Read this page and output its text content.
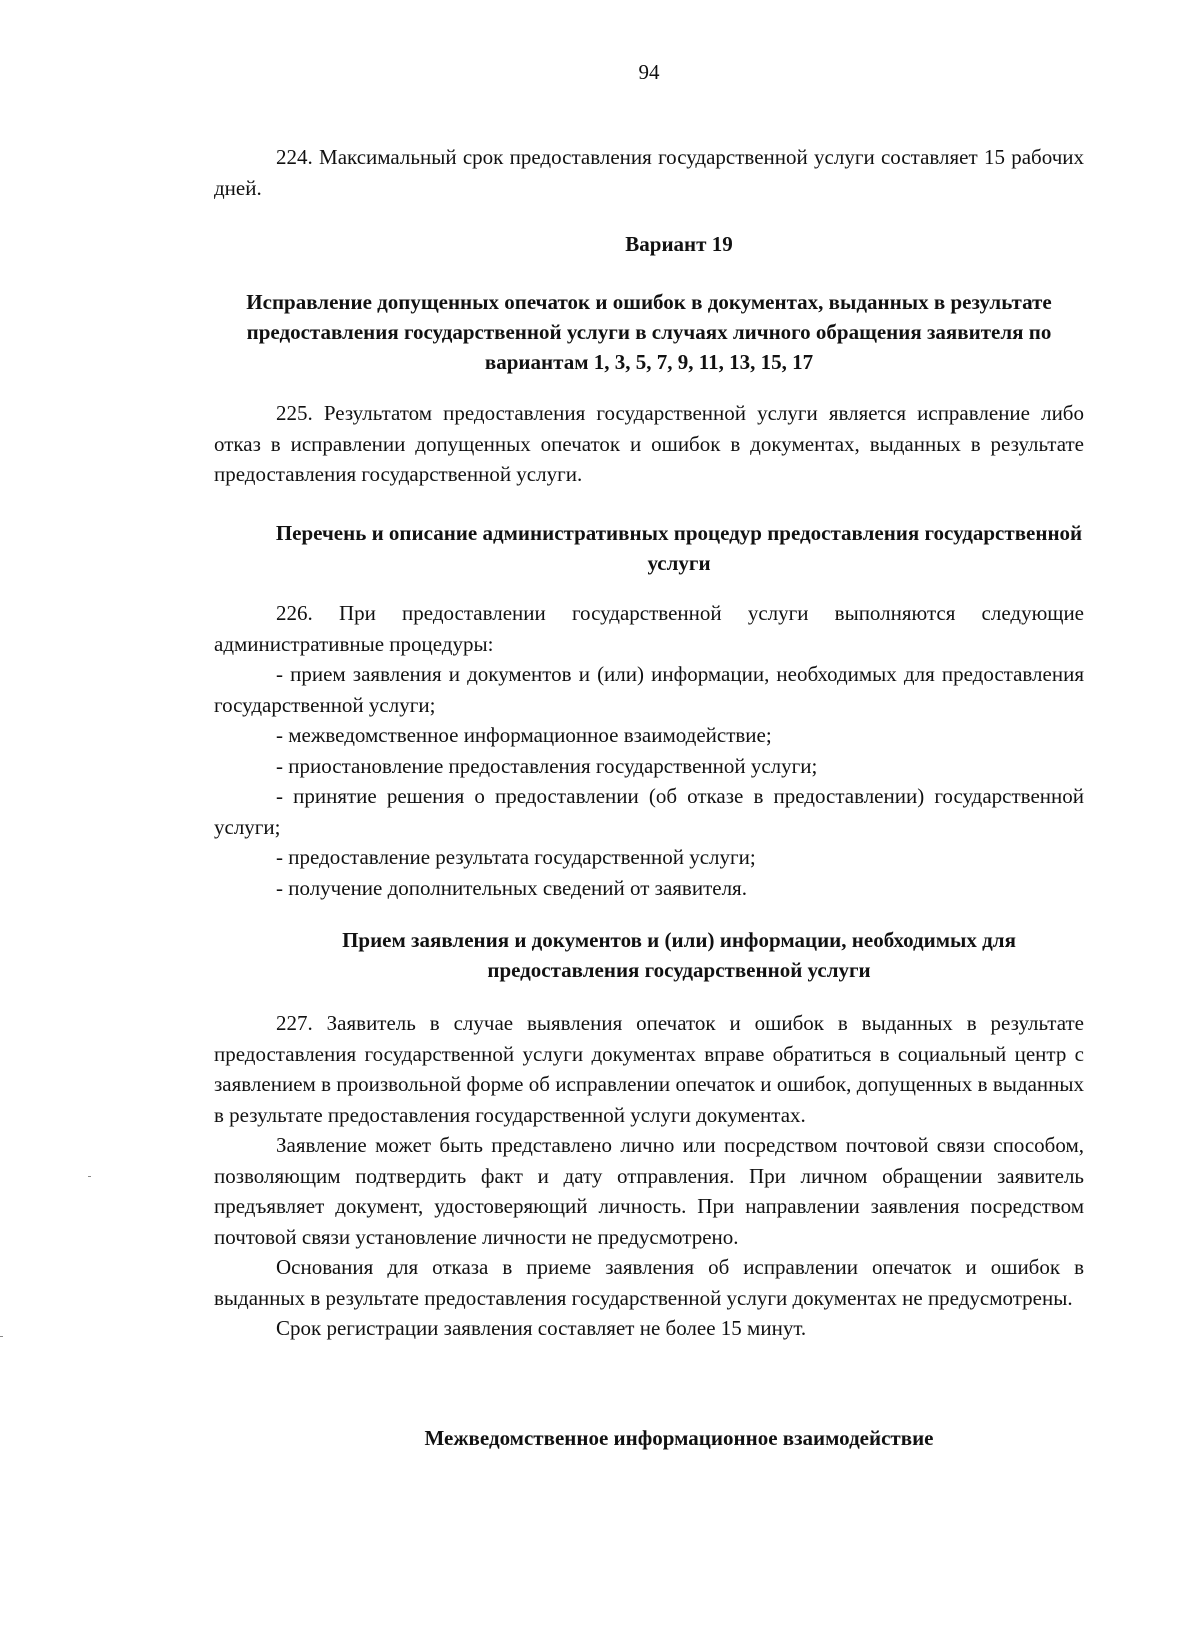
94

224. Максимальный срок предоставления государственной услуги составляет 15 рабочих дней.

Вариант 19
Исправление допущенных опечаток и ошибок в документах, выданных в результате предоставления государственной услуги в случаях личного обращения заявителя по вариантам 1, 3, 5, 7, 9, 11, 13, 15, 17

225. Результатом предоставления государственной услуги является исправление либо отказ в исправлении допущенных опечаток и ошибок в документах, выданных в результате предоставления государственной услуги.

Перечень и описание административных процедур предоставления государственной услуги

226. При предоставлении государственной услуги выполняются следующие административные процедуры:

- прием заявления и документов и (или) информации, необходимых для предоставления государственной услуги;

- межведомственное информационное взаимодействие;

- приостановление предоставления государственной услуги;

- принятие решения о предоставлении (об отказе в предоставлении) государственной услуги;

- предоставление результата государственной услуги;

- получение дополнительных сведений от заявителя.

Прием заявления и документов и (или) информации, необходимых для предоставления государственной услуги

227. Заявитель в случае выявления опечаток и ошибок в выданных в результате предоставления государственной услуги документах вправе обратиться в социальный центр с заявлением в произвольной форме об исправлении опечаток и ошибок, допущенных в выданных в результате предоставления государственной услуги документах.

Заявление может быть представлено лично или посредством почтовой связи способом, позволяющим подтвердить факт и дату отправления. При личном обращении заявитель предъявляет документ, удостоверяющий личность. При направлении заявления посредством почтовой связи установление личности не предусмотрено.

Основания для отказа в приеме заявления об исправлении опечаток и ошибок в выданных в результате предоставления государственной услуги документах не предусмотрены.

Срок регистрации заявления составляет не более 15 минут.

Межведомственное информационное взаимодействие
